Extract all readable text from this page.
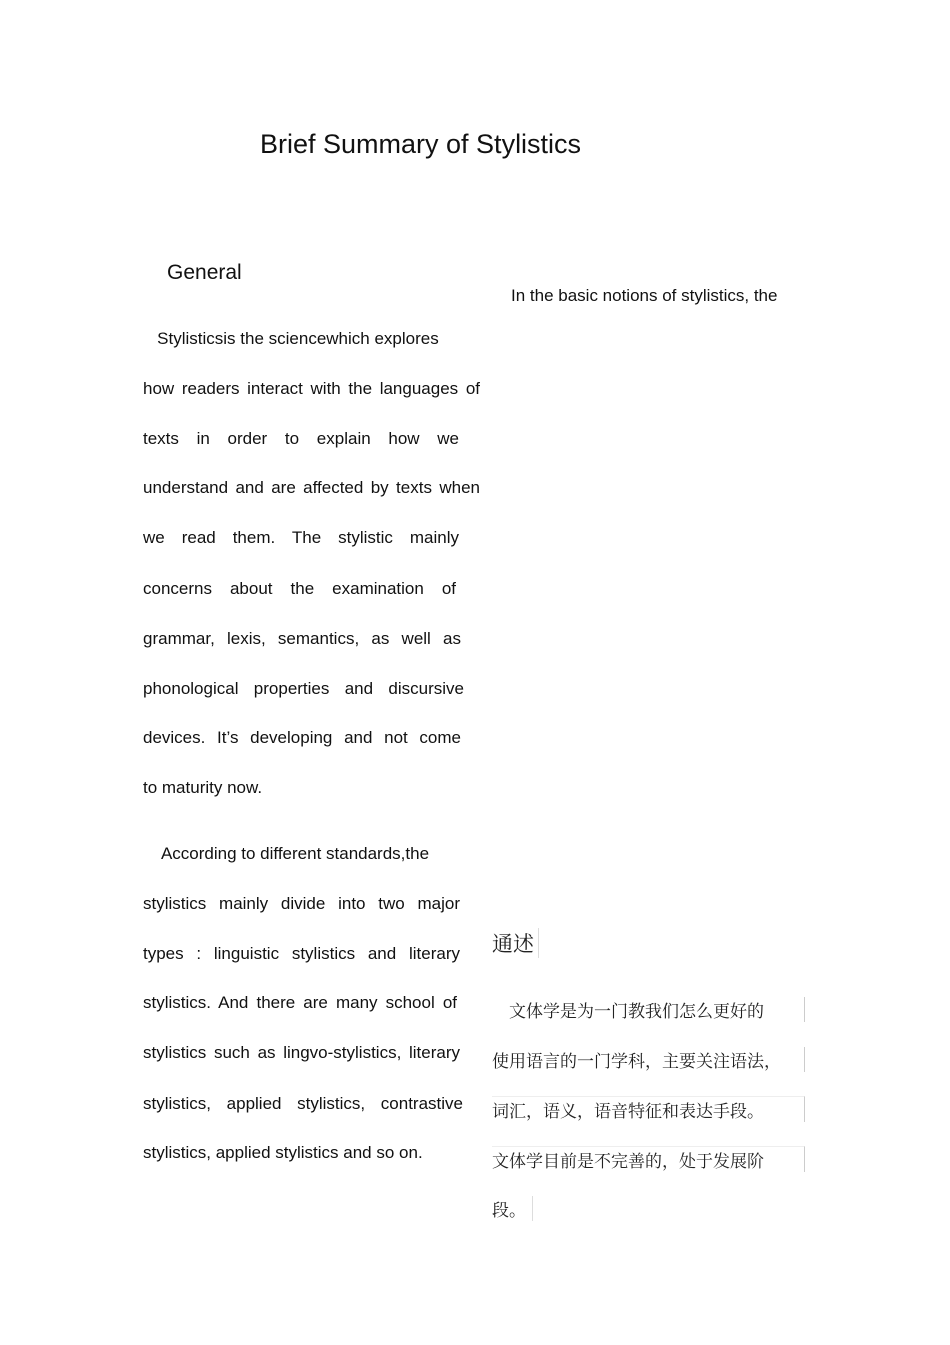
Brief Summary of Stylistics
General
In the basic notions of stylistics, the
Stylisticsis the sciencewhich explores
how readers interact with the languages of
texts in order to explain how we
understand and are affected by texts when
we read them. The stylistic mainly
concerns about the examination of
grammar, lexis, semantics, as well as
phonological properties and discursive
devices. It’s developing and not come
to maturity now.
According to different standards,the
stylistics mainly divide into two major
types : linguistic stylistics and literary
stylistics. And there are many school of
stylistics such as lingvo-stylistics, literary
stylistics, applied stylistics, contrastive
stylistics, applied stylistics and so on.
通述
　文体学是为一门教我们怎么更好的
使用语言的一门学科，主要关注语法，
词汇，语义，语音特征和表达手段。
文体学目前是不完善的，处于发展阶
段。
